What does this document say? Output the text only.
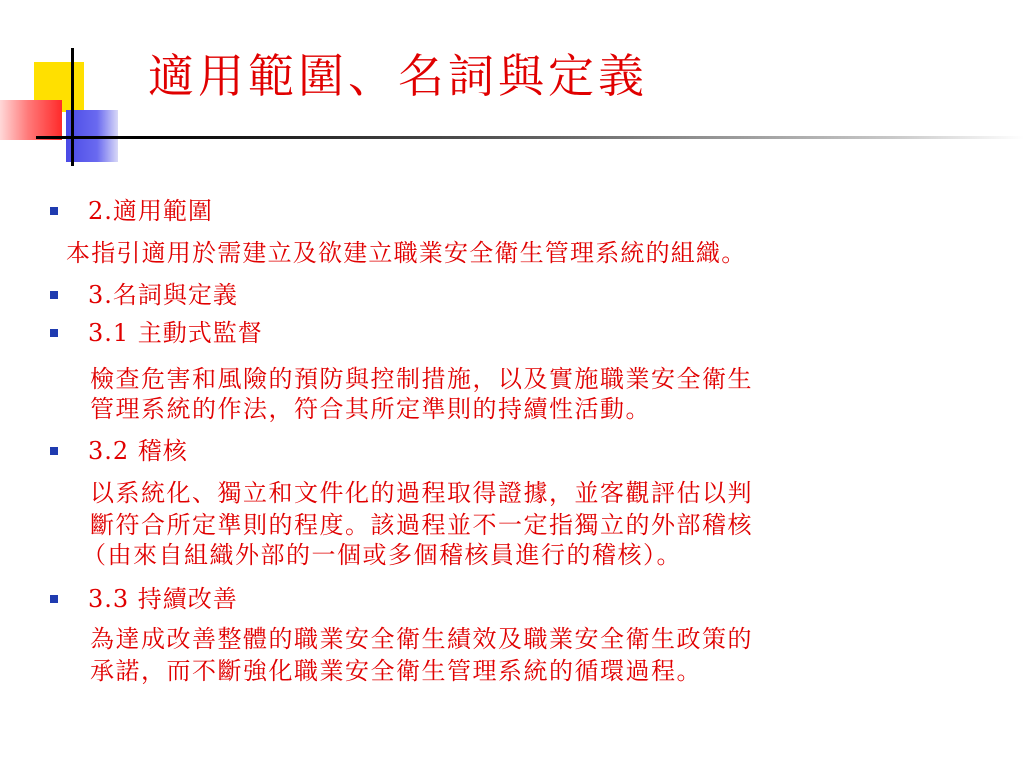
適用範圍、名詞與定義
2.適用範圍
本指引適用於需建立及欲建立職業安全衛生管理系統的組織。
3.名詞與定義
3.1 主動式監督
檢查危害和風險的預防與控制措施，以及實施職業安全衛生
管理系統的作法，符合其所定準則的持續性活動。
3.2 稽核
以系統化、獨立和文件化的過程取得證據，並客觀評估以判
斷符合所定準則的程度。該過程並不一定指獨立的外部稽核
（由來自組織外部的一個或多個稽核員進行的稽核）。
3.3 持續改善
為達成改善整體的職業安全衛生績效及職業安全衛生政策的
承諾，而不斷強化職業安全衛生管理系統的循環過程。
